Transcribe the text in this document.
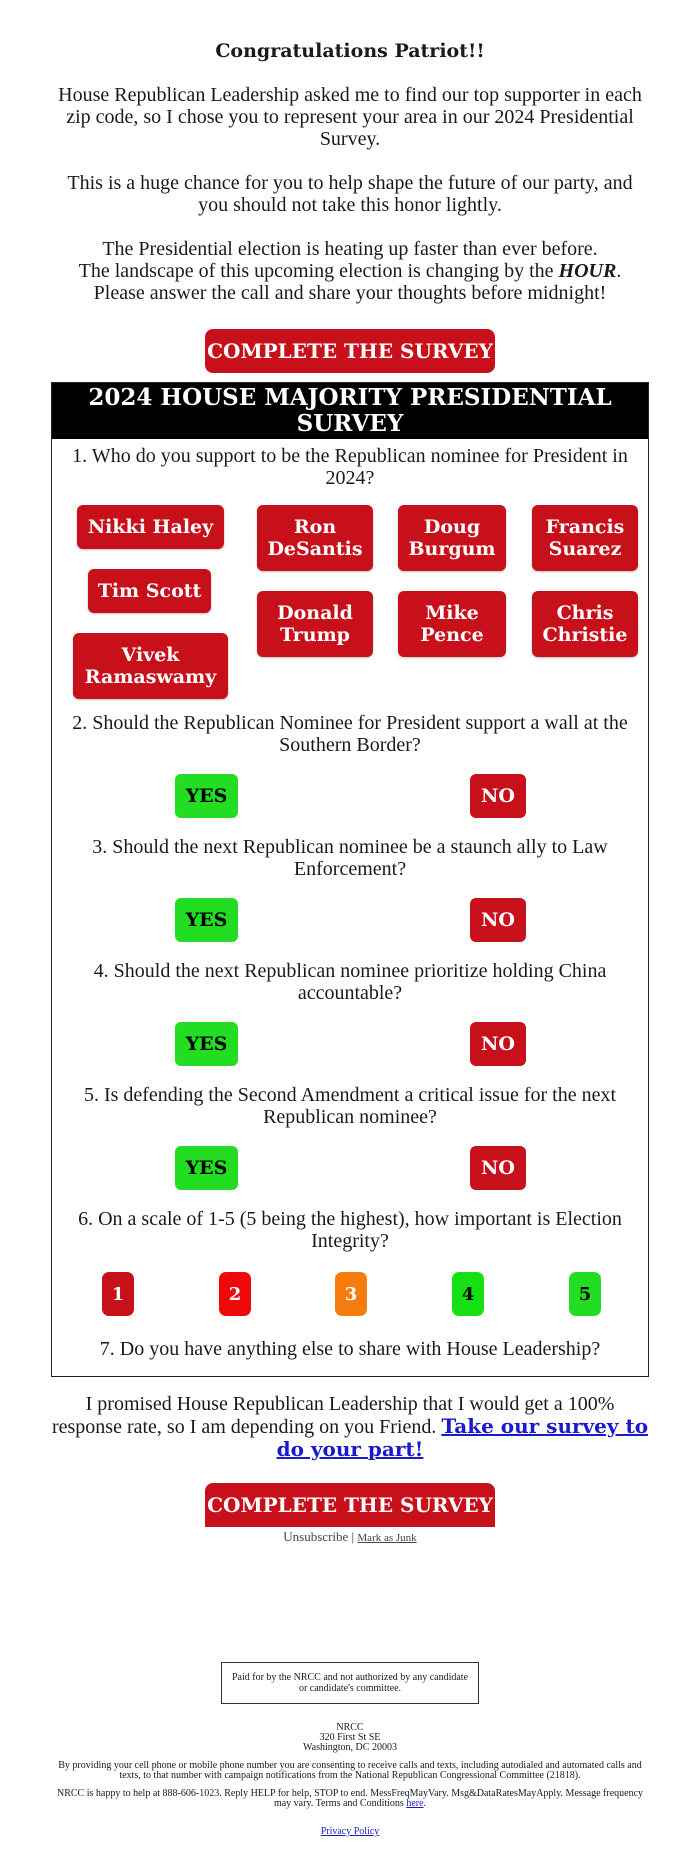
Congratulations Patriot!!

House Republican Leadership asked me to find our top supporter in each zip code, so I chose you to represent your area in our 2024 Presidential Survey.

This is a huge chance for you to help shape the future of our party, and you should not take this honor lightly.

The Presidential election is heating up faster than ever before.
The landscape of this upcoming election is changing by the HOUR.
Please answer the call and share your thoughts before midnight!

COMPLETE THE SURVEY
2024 HOUSE MAJORITY PRESIDENTIAL SURVEY
1. Who do you support to be the Republican nominee for President in 2024?
Nikki Haley	Ron DeSantis
Doug Burgum
Francis Suarez
Tim Scott
Donald Trump
Mike Pence
Chris Christie
Vivek Ramaswamy
2. Should the Republican Nominee for President support a wall at the Southern Border?
YES	NO
3. Should the next Republican nominee be a staunch ally to Law Enforcement?
YES	NO
4. Should the next Republican nominee prioritize holding China accountable?
YES	NO
5. Is defending the Second Amendment a critical issue for the next Republican nominee?
YES	NO
6. On a scale of 1-5 (5 being the highest), how important is Election Integrity?
1	2	3	4	5
7. Do you have anything else to share with House Leadership?
I promised House Republican Leadership that I would get a 100% response rate, so I am depending on you Friend. Take our survey to do your part!
COMPLETE THE SURVEY
Unsubscribe | Mark as Junk
Paid for by the NRCC and not authorized by any candidate or candidate's committee.
NRCC
320 First St SE
Washington, DC 20003
By providing your cell phone or mobile phone number you are consenting to receive calls and texts, including autodialed and automated calls and texts, to that number with campaign notifications from the National Republican Congressional Committee (21818).
NRCC is happy to help at 888-606-1023. Reply HELP for help, STOP to end. MessFreqMayVary. Msg&DataRatesMayApply. Message frequency may vary. Terms and Conditions here.
Privacy Policy
